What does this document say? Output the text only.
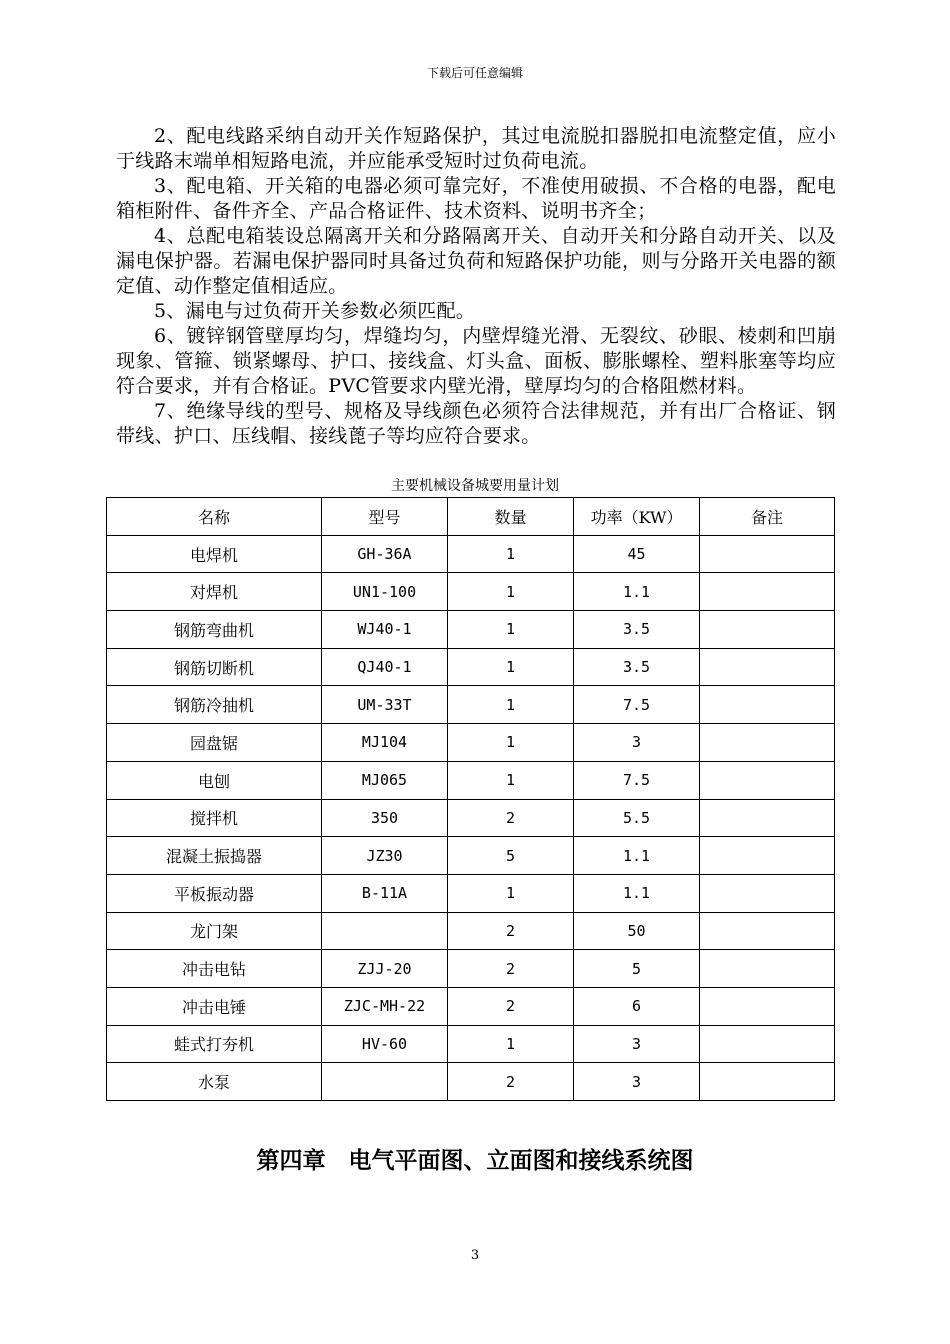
下载后可任意编辑

2、配电线路采纳自动开关作短路保护，其过电流脱扣器脱扣电流整定值，应小于线路末端单相短路电流，并应能承受短时过负荷电流。

3、配电箱、开关箱的电器必须可靠完好，不准使用破损、不合格的电器，配电箱柜附件、备件齐全、产品合格证件、技术资料、说明书齐全；

4、总配电箱装设总隔离开关和分路隔离开关、自动开关和分路自动开关、以及漏电保护器。若漏电保护器同时具备过负荷和短路保护功能，则与分路开关电器的额定值、动作整定值相适应。

5、漏电与过负荷开关参数必须匹配。

6、镀锌钢管壁厚均匀，焊缝均匀，内壁焊缝光滑、无裂纹、砂眼、棱刺和凹崩现象、管箍、锁紧螺母、护口、接线盒、灯头盒、面板、膨胀螺栓、塑料胀塞等均应符合要求，并有合格证。PVC管要求内壁光滑，壁厚均匀的合格阻燃材料。

7、绝缘导线的型号、规格及导线颜色必须符合法律规范，并有出厂合格证、钢带线、护口、压线帽、接线蓖子等均应符合要求。

主要机械设备城要用量计划
名称	型号	数量	功率（KW）	备注
电焊机	GH-36A	1	45	
对焊机	UN1-100	1	1.1	
钢筋弯曲机	WJ40-1	1	3.5	
钢筋切断机	QJ40-1	1	3.5	
钢筋冷抽机	UM-33T	1	7.5	
园盘锯	MJ104	1	3	
电刨	MJ065	1	7.5	
搅拌机	350	2	5.5	
混凝土振捣器	JZ30	5	1.1	
平板振动器	B-11A	1	1.1	
龙门架		2	50	
冲击电钻	ZJJ-20	2	5	
冲击电锤	ZJC-MH-22	2	6	
蛙式打夯机	HV-60	1	3	
水泵		2	3	
第四章　电气平面图、立面图和接线系统图
3
